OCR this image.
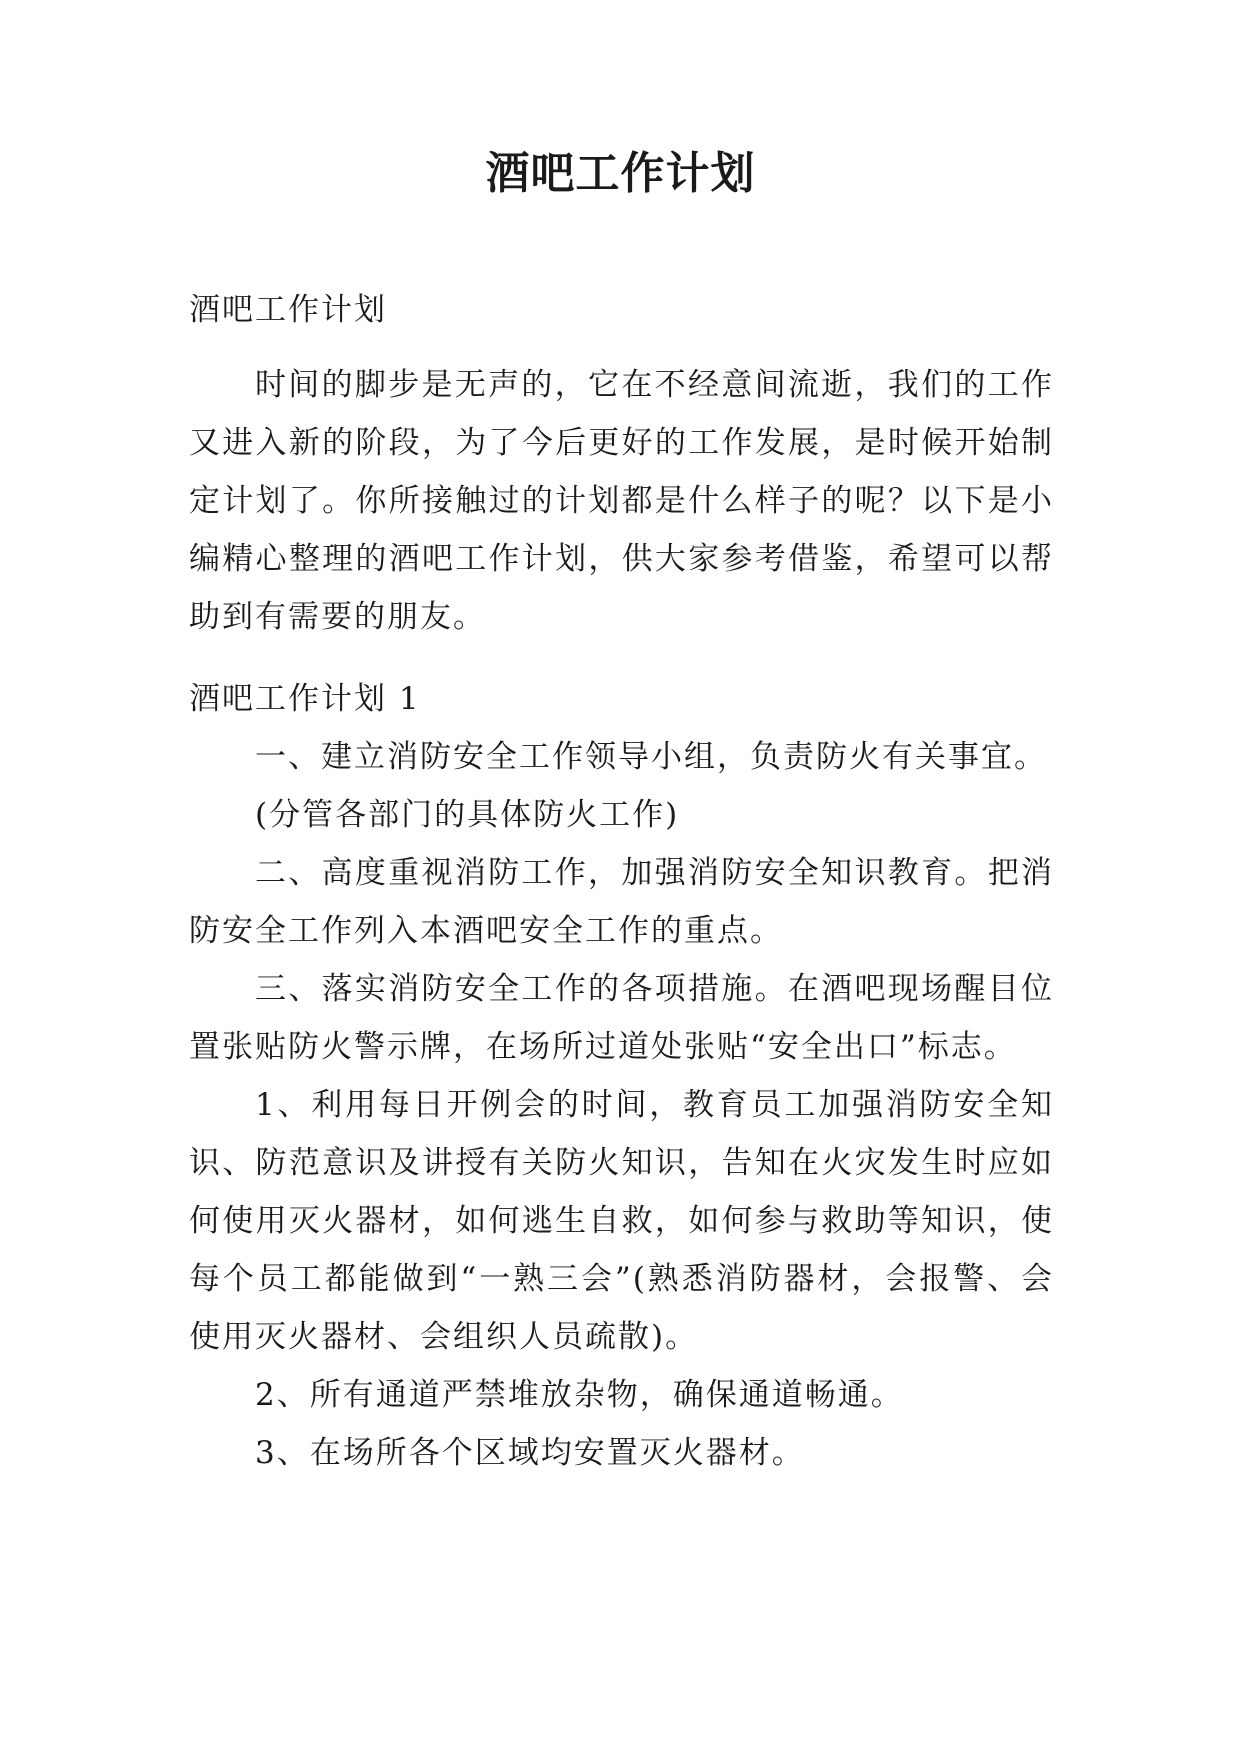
酒吧工作计划
酒吧工作计划

时间的脚步是无声的，它在不经意间流逝，我们的工作又进入新的阶段，为了今后更好的工作发展，是时候开始制定计划了。你所接触过的计划都是什么样子的呢？以下是小编精心整理的酒吧工作计划，供大家参考借鉴，希望可以帮助到有需要的朋友。

酒吧工作计划 1

一、建立消防安全工作领导小组，负责防火有关事宜。

(分管各部门的具体防火工作)

二、高度重视消防工作，加强消防安全知识教育。把消防安全工作列入本酒吧安全工作的重点。

三、落实消防安全工作的各项措施。在酒吧现场醒目位置张贴防火警示牌，在场所过道处张贴“安全出口”标志。

1、利用每日开例会的时间，教育员工加强消防安全知识、防范意识及讲授有关防火知识，告知在火灾发生时应如何使用灭火器材，如何逃生自救，如何参与救助等知识，使每个员工都能做到“一熟三会”(熟悉消防器材，会报警、会使用灭火器材、会组织人员疏散)。

2、所有通道严禁堆放杂物，确保通道畅通。

3、在场所各个区域均安置灭火器材。
